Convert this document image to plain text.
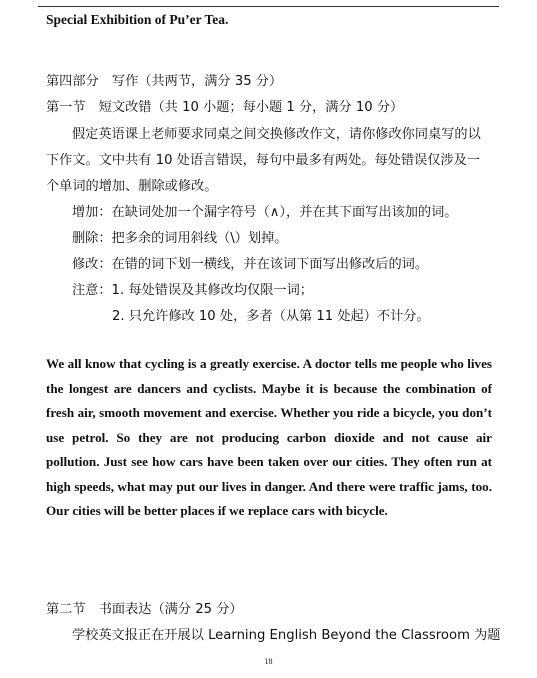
Special Exhibition of Pu’er Tea.
第四部分　写作（共两节，满分 35 分）
第一节　短文改错（共 10 小题；每小题 1 分，满分 10 分）
假定英语课上老师要求同桌之间交换修改作文，请你修改你同桌写的以
下作文。文中共有 10 处语言错误，每句中最多有两处。每处错误仅涉及一
个单词的增加、删除或修改。
增加：在缺词处加一个漏字符号（∧），并在其下面写出该加的词。
删除：把多余的词用斜线（\）划掉。
修改：在错的词下划一横线，并在该词下面写出修改后的词。
注意：1. 每处错误及其修改均仅限一词；
2. 只允许修改 10 处，多者（从第 11 处起）不计分。
We all know that cycling is a greatly exercise. A doctor tells me people who lives the longest are dancers and cyclists. Maybe it is because the combination of fresh air, smooth movement and exercise. Whether you ride a bicycle, you don’t use petrol. So they are not producing carbon dioxide and not cause air pollution. Just see how cars have been taken over our cities. They often run at high speeds, what may put our lives in danger. And there were traffic jams, too. Our cities will be better places if we replace cars with bicycle.
第二节　书面表达（满分 25 分）
学校英文报正在开展以 Learning English Beyond the Classroom 为题
18
